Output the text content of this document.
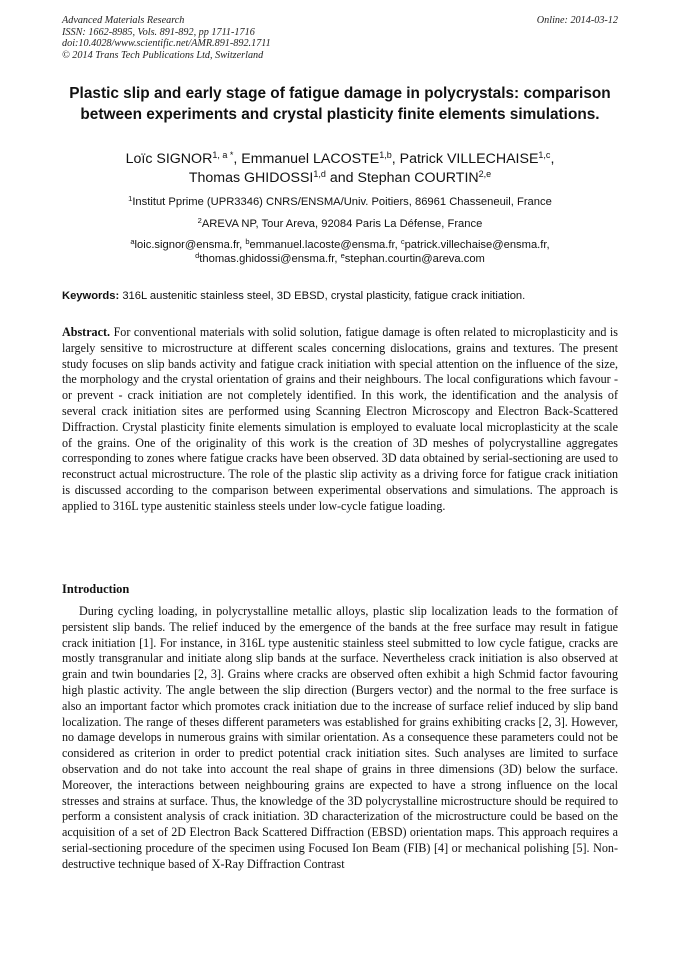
Advanced Materials Research
ISSN: 1662-8985, Vols. 891-892, pp 1711-1716
doi:10.4028/www.scientific.net/AMR.891-892.1711
© 2014 Trans Tech Publications Ltd, Switzerland
Online: 2014-03-12
Plastic slip and early stage of fatigue damage in polycrystals: comparison between experiments and crystal plasticity finite elements simulations.
Loïc $SIGNOR^{1, a *}$, Emmanuel LACOSTE$^{1,b}$, Patrick VILLECHAISE$^{1,c}$,
Thomas GHIDOSSI$^{1,d}$ and Stephan COURTIN$^{2,e}$
$^1$Institut Pprime (UPR3346) CNRS/ENSMA/Univ. Poitiers, 86961 Chasseneuil, France
$^2$AREVA NP, Tour Areva, 92084 Paris La Défense, France
$^a$loic.signor@ensma.fr, $^b$emmanuel.lacoste@ensma.fr, $^c$patrick.villechaise@ensma.fr,
$^d$thomas.ghidossi@ensma.fr, $^e$stephan.courtin@areva.com
Keywords: 316L austenitic stainless steel, 3D EBSD, crystal plasticity, fatigue crack initiation.
Abstract. For conventional materials with solid solution, fatigue damage is often related to microplasticity and is largely sensitive to microstructure at different scales concerning dislocations, grains and textures. The present study focuses on slip bands activity and fatigue crack initiation with special attention on the influence of the size, the morphology and the crystal orientation of grains and their neighbours. The local configurations which favour - or prevent - crack initiation are not completely identified. In this work, the identification and the analysis of several crack initiation sites are performed using Scanning Electron Microscopy and Electron Back-Scattered Diffraction. Crystal plasticity finite elements simulation is employed to evaluate local microplasticity at the scale of the grains. One of the originality of this work is the creation of 3D meshes of polycrystalline aggregates corresponding to zones where fatigue cracks have been observed. 3D data obtained by serial-sectioning are used to reconstruct actual microstructure. The role of the plastic slip activity as a driving force for fatigue crack initiation is discussed according to the comparison between experimental observations and simulations. The approach is applied to 316L type austenitic stainless steels under low-cycle fatigue loading.
Introduction

During cycling loading, in polycrystalline metallic alloys, plastic slip localization leads to the formation of persistent slip bands. The relief induced by the emergence of the bands at the free surface may result in fatigue crack initiation [1]. For instance, in 316L type austenitic stainless steel submitted to low cycle fatigue, cracks are mostly transgranular and initiate along slip bands at the surface. Nevertheless crack initiation is also observed at grain and twin boundaries [2, 3]. Grains where cracks are observed often exhibit a high Schmid factor favouring high plastic activity. The angle between the slip direction (Burgers vector) and the normal to the free surface is also an important factor which promotes crack initiation due to the increase of surface relief induced by slip band localization. The range of theses different parameters was established for grains exhibiting cracks [2, 3]. However, no damage develops in numerous grains with similar orientation. As a consequence these parameters could not be considered as criterion in order to predict potential crack initiation sites. Such analyses are limited to surface observation and do not take into account the real shape of grains in three dimensions (3D) below the surface. Moreover, the interactions between neighbouring grains are expected to have a strong influence on the local stresses and strains at surface. Thus, the knowledge of the 3D polycrystalline microstructure should be required to perform a consistent analysis of crack initiation. 3D characterization of the microstructure could be based on the acquisition of a set of 2D Electron Back Scattered Diffraction (EBSD) orientation maps. This approach requires a serial-sectioning procedure of the specimen using Focused Ion Beam (FIB) [4] or mechanical polishing [5]. Non-destructive technique based of X-Ray Diffraction Contrast
